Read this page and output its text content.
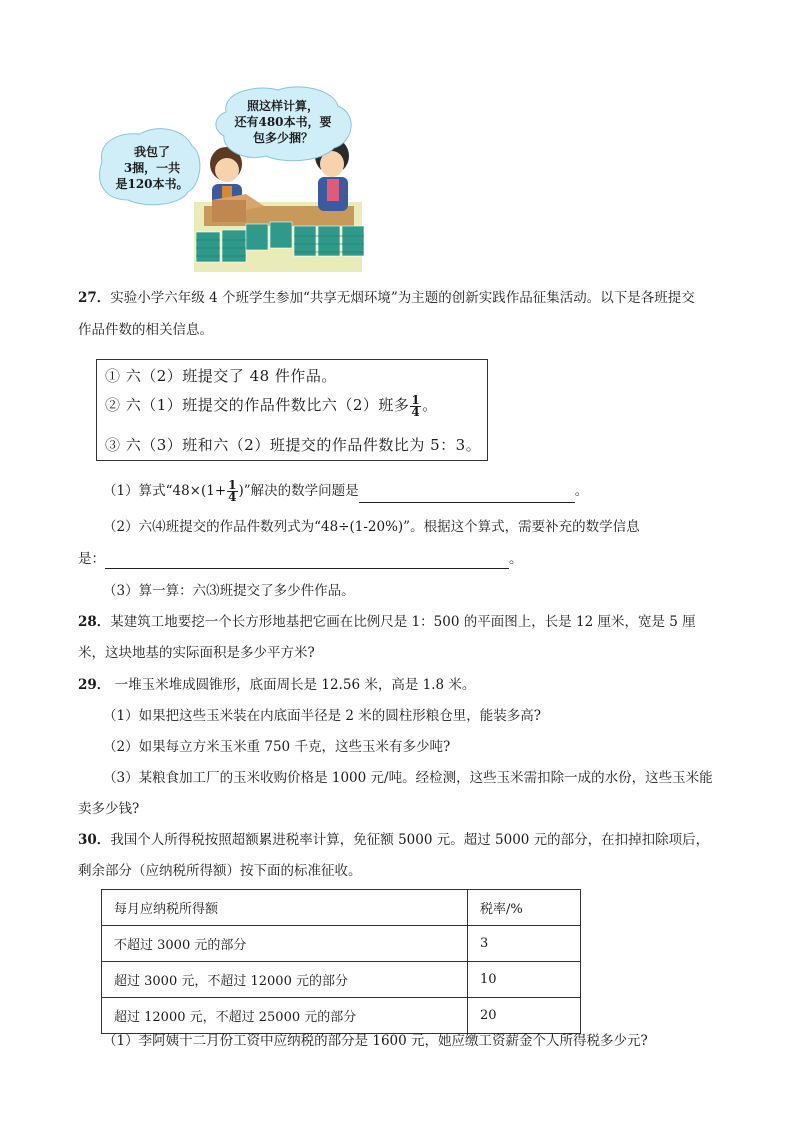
我包了
3捆，一共
是120本书。
照这样计算，
还有480本书，要
包多少捆？
27．实验小学六年级 4 个班学生参加“共享无烟环境”为主题的创新实践作品征集活动。以下是各班提交
作品件数的相关信息。
① 六（2）班提交了 48 件作品。
② 六（1）班提交的作品件数比六（2）班多 $\frac{1}{4}$ 。
③ 六（3）班和六（2）班提交的作品件数比为 5：3。
（1）算式“$48\times(1+ \frac{1}{4}$ )”解决的数学问题是	。
（2）六⑷班提交的作品件数列式为“48÷(1-20%)”。根据这个算式，需要补充的数学信息
是：	。
（3）算一算：六⑶班提交了多少件作品。
28．某建筑工地要挖一个长方形地基把它画在比例尺是 1：500 的平面图上，长是 12 厘米，宽是 5 厘
米，这块地基的实际面积是多少平方米?
29． 一堆玉米堆成圆锥形，底面周长是 12.56 米，高是 1.8 米。
（1）如果把这些玉米装在内底面半径是 2 米的圆柱形粮仓里，能装多高?
（2）如果每立方米玉米重 750 千克，这些玉米有多少吨?
（3）某粮食加工厂的玉米收购价格是 1000 元/吨。经检测，这些玉米需扣除一成的水份，这些玉米能
卖多少钱?
30．我国个人所得税按照超额累进税率计算，免征额 5000 元。超过 5000 元的部分，在扣掉扣除项后，
剩余部分（应纳税所得额）按下面的标准征收。
每月应纳税所得额	税率/%
不超过 3000 元的部分	3
超过 3000 元，不超过 12000 元的部分	10
超过 12000 元，不超过 25000 元的部分	20
（1）李阿姨十二月份工资中应纳税的部分是 1600 元，她应缴工资薪金个人所得税多少元?
